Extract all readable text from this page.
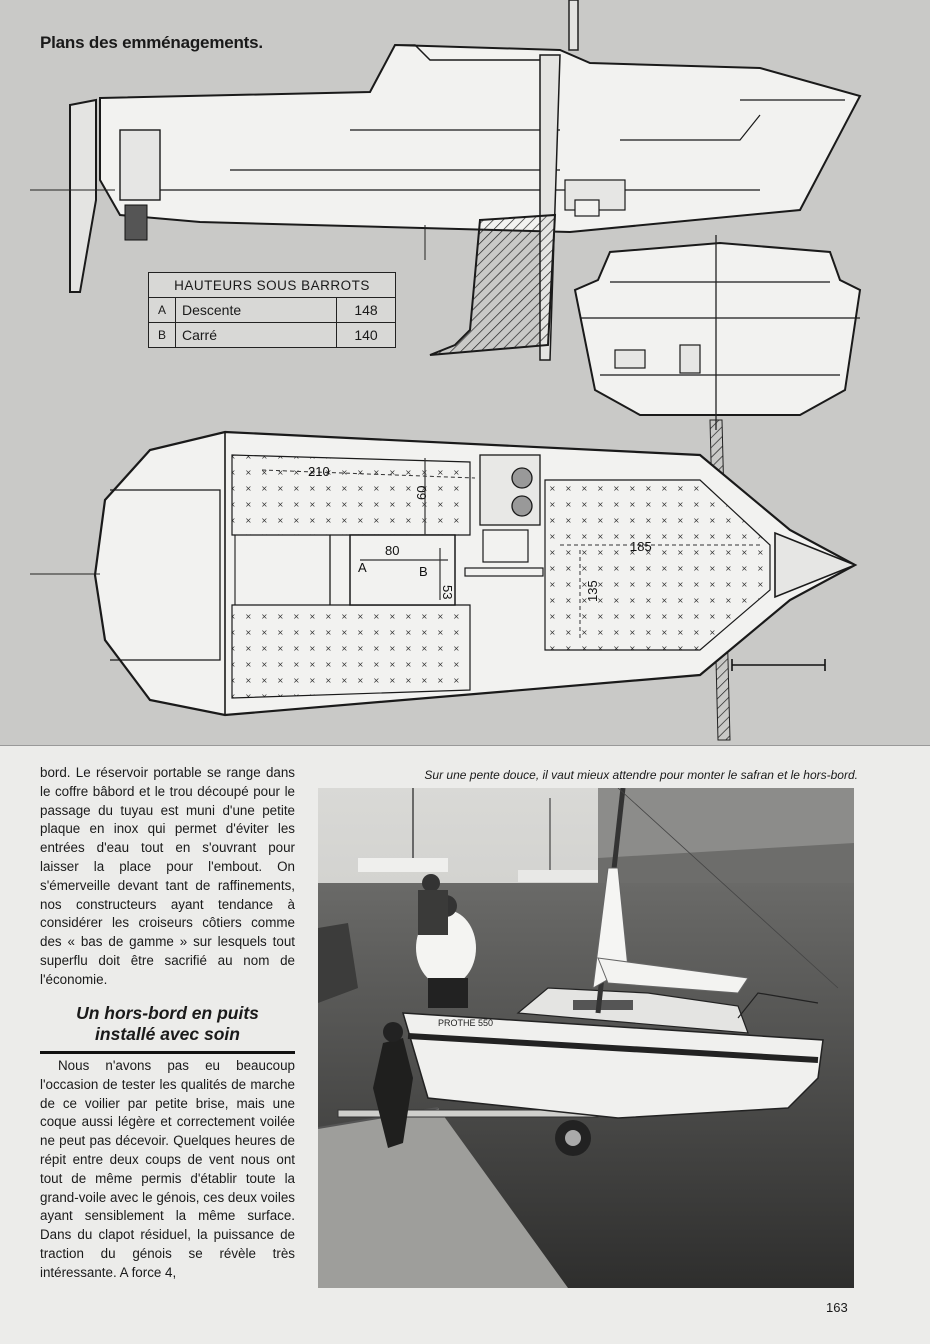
210
60
80
53
A	B
185
135
Plans des emménagements.
HAUTEURS SOUS BARROTS		
A	Descente	148
B	Carré	140

bord. Le réservoir portable se range dans le coffre bâbord et le trou découpé pour le passage du tuyau est muni d'une petite plaque en inox qui permet d'éviter les entrées d'eau tout en s'ouvrant pour laisser la place pour l'embout. On s'émerveille devant tant de raffinements, nos constructeurs ayant tendance à considérer les croiseurs côtiers comme des « bas de gamme » sur lesquels tout superflu doit être sacrifié au nom de l'économie.

Un hors-bord en puits
installé avec soin

Nous n'avons pas eu beaucoup l'occasion de tester les qualités de marche de ce voilier par petite brise, mais une coque aussi légère et correctement voilée ne peut pas décevoir. Quelques heures de répit entre deux coups de vent nous ont tout de même permis d'établir toute la grand-voile avec le génois, ces deux voiles ayant sensiblement la même surface. Dans du clapot résiduel, la puissance de traction du génois se révèle très intéressante. A force 4,

Sur une pente douce, il vaut mieux attendre pour monter le safran et le hors-bord.
PROTHE 550
163
